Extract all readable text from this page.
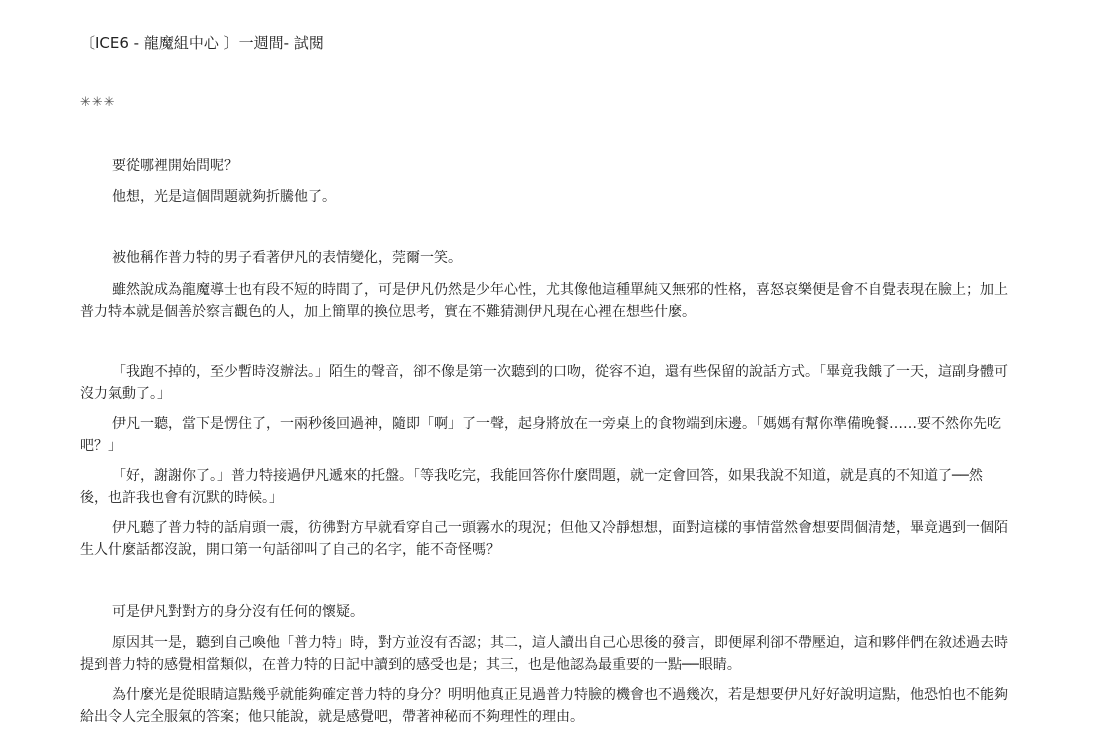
〔ICE6 - 龍魔組中心 〕一週間- 試閱
✳✳✳
要從哪裡開始問呢？
他想，光是這個問題就夠折騰他了。
被他稱作普力特的男子看著伊凡的表情變化，莞爾一笑。
雖然說成為龍魔導士也有段不短的時間了，可是伊凡仍然是少年心性，尤其像他這種單純又無邪的性格，喜怒哀樂便是會不自覺表現在臉上；加上普力特本就是個善於察言觀色的人，加上簡單的換位思考，實在不難猜測伊凡現在心裡在想些什麼。
「我跑不掉的，至少暫時沒辦法。」陌生的聲音，卻不像是第一次聽到的口吻，從容不迫，還有些保留的說話方式。「畢竟我餓了一天，這副身體可沒力氣動了。」
伊凡一聽，當下是愣住了，一兩秒後回過神，隨即「啊」了一聲，起身將放在一旁桌上的食物端到床邊。「媽媽有幫你準備晚餐……要不然你先吃吧？」
「好，謝謝你了。」普力特接過伊凡遞來的托盤。「等我吃完，我能回答你什麼問題，就一定會回答，如果我說不知道，就是真的不知道了──然後，也許我也會有沉默的時候。」
伊凡聽了普力特的話肩頭一震，彷彿對方早就看穿自己一頭霧水的現況；但他又冷靜想想，面對這樣的事情當然會想要問個清楚，畢竟遇到一個陌生人什麼話都沒說，開口第一句話卻叫了自己的名字，能不奇怪嗎？
可是伊凡對對方的身分沒有任何的懷疑。
原因其一是，聽到自己喚他「普力特」時，對方並沒有否認；其二，這人讀出自己心思後的發言，即便犀利卻不帶壓迫，這和夥伴們在敘述過去時提到普力特的感覺相當類似，在普力特的日記中讀到的感受也是；其三，也是他認為最重要的一點──眼睛。
為什麼光是從眼睛這點幾乎就能夠確定普力特的身分？明明他真正見過普力特臉的機會也不過幾次，若是想要伊凡好好說明這點，他恐怕也不能夠給出令人完全服氣的答案；他只能說，就是感覺吧，帶著神秘而不夠理性的理由。
